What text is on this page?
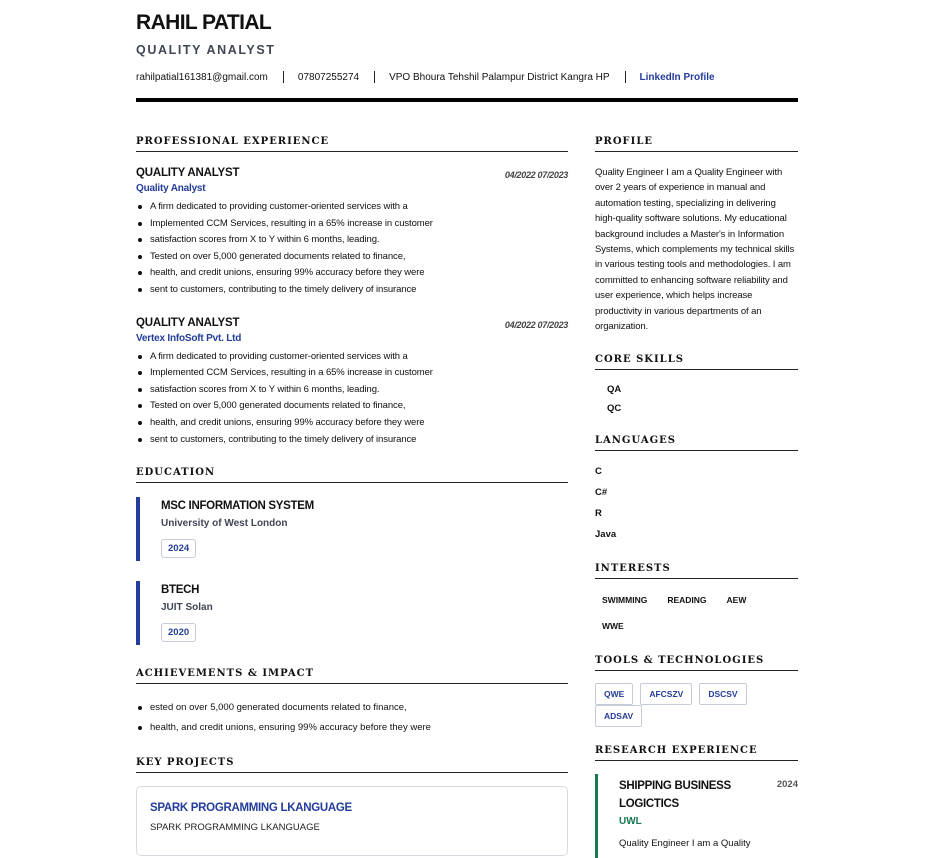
RAHIL PATIAL
QUALITY ANALYST
rahilpatial161381@gmail.com	07807255274	VPO Bhoura Tehshil Palampur District Kangra HP	LinkedIn Profile
PROFESSIONAL EXPERIENCE
QUALITY ANALYST	04/2022 07/2023
Quality Analyst
A firm dedicated to providing customer-oriented services with a
Implemented CCM Services, resulting in a 65% increase in customer
satisfaction scores from X to Y within 6 months, leading.
Tested on over 5,000 generated documents related to finance,
health, and credit unions, ensuring 99% accuracy before they were
sent to customers, contributing to the timely delivery of insurance
QUALITY ANALYST	04/2022 07/2023
Vertex InfoSoft Pvt. Ltd
A firm dedicated to providing customer-oriented services with a
Implemented CCM Services, resulting in a 65% increase in customer
satisfaction scores from X to Y within 6 months, leading.
Tested on over 5,000 generated documents related to finance,
health, and credit unions, ensuring 99% accuracy before they were
sent to customers, contributing to the timely delivery of insurance
EDUCATION
MSC INFORMATION SYSTEM
University of West London
2024
BTECH
JUIT Solan
2020
ACHIEVEMENTS & IMPACT
ested on over 5,000 generated documents related to finance,
health, and credit unions, ensuring 99% accuracy before they were
KEY PROJECTS
SPARK PROGRAMMING LKANGUAGE
SPARK PROGRAMMING LKANGUAGE
PROFILE
Quality Engineer I am a Quality Engineer with over 2 years of experience in manual and automation testing, specializing in delivering high-quality software solutions. My educational background includes a Master's in Information Systems, which complements my technical skills in various testing tools and methodologies. I am committed to enhancing software reliability and user experience, which helps increase productivity in various departments of an organization.
CORE SKILLS
QA
QC
LANGUAGES
C
C#
R
Java
INTERESTS
SWIMMING	READING	AEW
WWE
TOOLS & TECHNOLOGIES
QWE	AFCSZV	DSCSV
ADSAV
RESEARCH EXPERIENCE
SHIPPING BUSINESS LOGICTICS
2024
UWL
Quality Engineer I am a Quality
